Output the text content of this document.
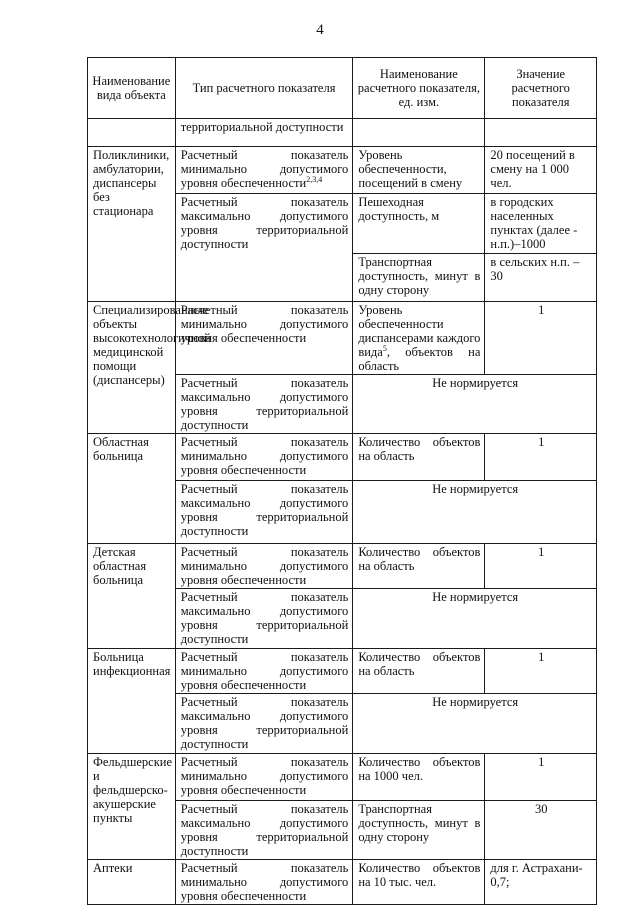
4
Наименование вида объекта	Тип расчетного показателя	Наименование расчетного показателя, ед. изм.	Значение расчетного показателя
	территориальной доступности		
Поликлиники, амбулатории, диспансеры без стационара	Расчетный показатель минимально допустимого уровня обеспеченности$^{2,3,4}$	Уровень обеспеченности, посещений в смену	20 посещений в смену на 1 000 чел.
	Расчетный показатель максимально допустимого уровня территориальной доступности	Пешеходная доступность, м	в городских населенных пунктах (далее - н.п.)–1000
		Транспортная доступность, минут в одну сторону	в сельских н.п. – 30
Специализированные объекты высокотехнологичной медицинской помощи (диспансеры)	Расчетный показатель минимально допустимого уровня обеспеченности	Уровень обеспеченности диспансерами каждого вида$^5$, объектов на область	1
	Расчетный показатель максимально допустимого уровня территориальной доступности	Не нормируется	
Областная больница	Расчетный показатель минимально допустимого уровня обеспеченности	Количество объектов на область	1
	Расчетный показатель максимально допустимого уровня территориальной доступности	Не нормируется	
Детская областная больница	Расчетный показатель минимально допустимого уровня обеспеченности	Количество объектов на область	1
	Расчетный показатель максимально допустимого уровня территориальной доступности	Не нормируется	
Больница инфекционная	Расчетный показатель минимально допустимого уровня обеспеченности	Количество объектов на область	1
	Расчетный показатель максимально допустимого уровня территориальной доступности	Не нормируется	
Фельдшерские и фельдшерско-акушерские пункты	Расчетный показатель минимально допустимого уровня обеспеченности	Количество объектов на 1000 чел.	1
	Расчетный показатель максимально допустимого уровня территориальной доступности	Транспортная доступность, минут в одну сторону	30
Аптеки	Расчетный показатель минимально допустимого уровня обеспеченности	Количество объектов на 10 тыс. чел.	для г. Астрахани- 0,7;
